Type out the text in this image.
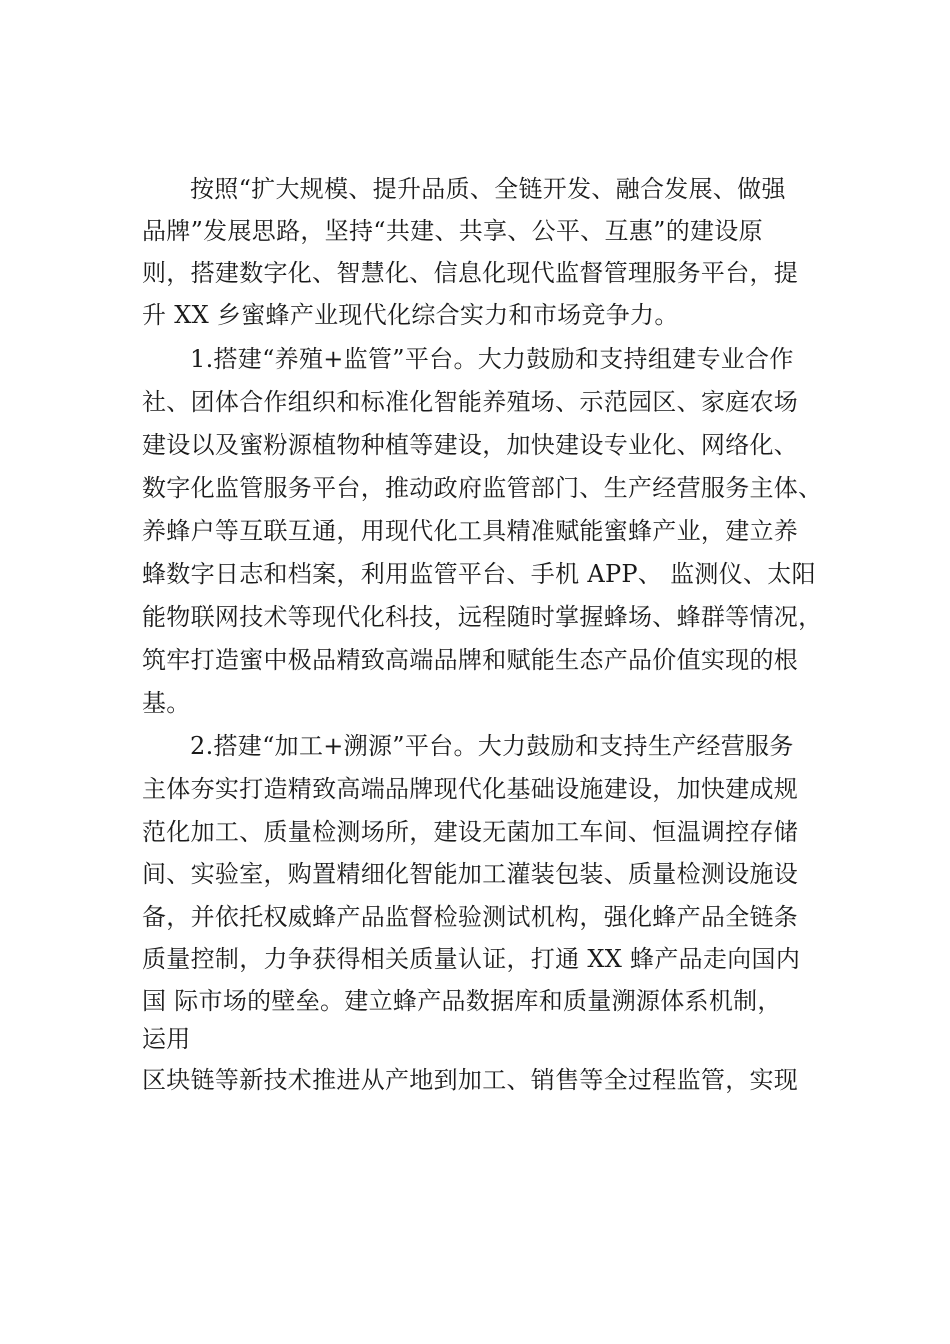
按照“扩大规模、提升品质、全链开发、融合发展、做强
品牌”发展思路，坚持“共建、共享、公平、互惠”的建设原
则，搭建数字化、智慧化、信息化现代监督管理服务平台，提
升 XX 乡蜜蜂产业现代化综合实力和市场竞争力。
1.搭建“养殖+监管”平台。大力鼓励和支持组建专业合作
社、团体合作组织和标准化智能养殖场、示范园区、家庭农场
建设以及蜜粉源植物种植等建设，加快建设专业化、网络化、
数字化监管服务平台，推动政府监管部门、生产经营服务主体、
养蜂户等互联互通，用现代化工具精准赋能蜜蜂产业，建立养
蜂数字日志和档案，利用监管平台、手机 APP、 监测仪、太阳
能物联网技术等现代化科技，远程随时掌握蜂场、蜂群等情况，
筑牢打造蜜中极品精致高端品牌和赋能生态产品价值实现的根
基。
2.搭建“加工+溯源”平台。大力鼓励和支持生产经营服务
主体夯实打造精致高端品牌现代化基础设施建设，加快建成规
范化加工、质量检测场所，建设无菌加工车间、恒温调控存储
间、实验室，购置精细化智能加工灌装包装、质量检测设施设
备，并依托权威蜂产品监督检验测试机构，强化蜂产品全链条
质量控制，力争获得相关质量认证，打通 XX 蜂产品走向国内
国 际市场的壁垒。建立蜂产品数据库和质量溯源体系机制，
运用
区块链等新技术推进从产地到加工、销售等全过程监管，实现
